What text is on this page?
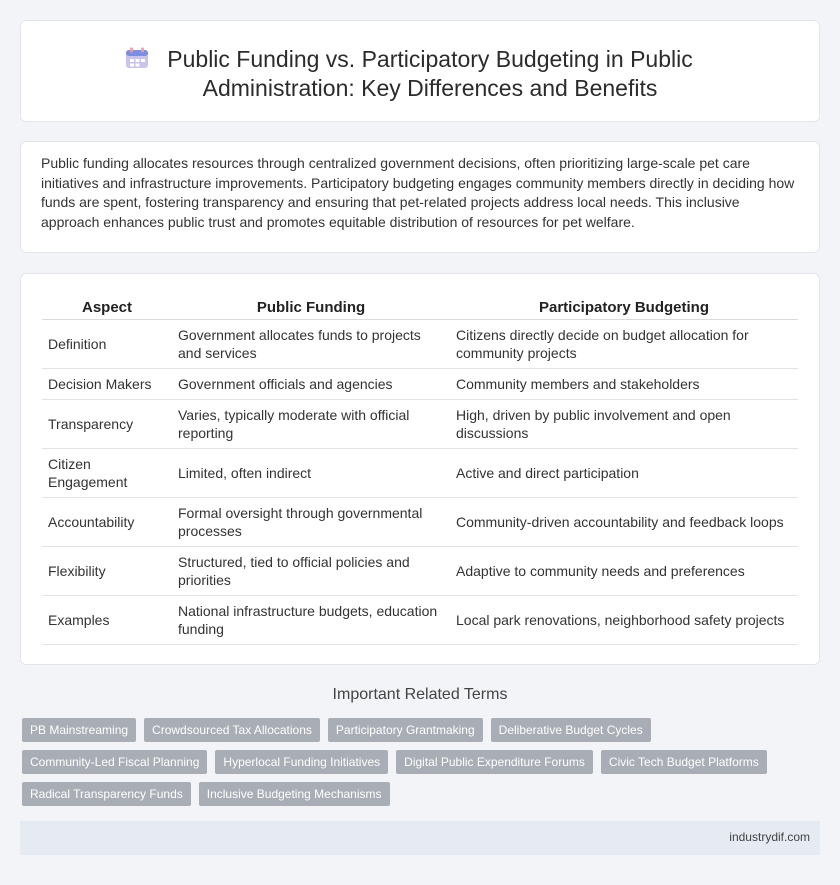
Public Funding vs. Participatory Budgeting in Public Administration: Key Differences and Benefits

Public funding allocates resources through centralized government decisions, often prioritizing large-scale pet care initiatives and infrastructure improvements. Participatory budgeting engages community members directly in deciding how funds are spent, fostering transparency and ensuring that pet-related projects address local needs. This inclusive approach enhances public trust and promotes equitable distribution of resources for pet welfare.

Aspect	Public Funding	Participatory Budgeting
Definition	Government allocates funds to projects and services	Citizens directly decide on budget allocation for community projects
Decision Makers	Government officials and agencies	Community members and stakeholders
Transparency	Varies, typically moderate with official reporting	High, driven by public involvement and open discussions
Citizen Engagement	Limited, often indirect	Active and direct participation
Accountability	Formal oversight through governmental processes	Community-driven accountability and feedback loops
Flexibility	Structured, tied to official policies and priorities	Adaptive to community needs and preferences
Examples	National infrastructure budgets, education funding	Local park renovations, neighborhood safety projects
Important Related Terms
PB Mainstreaming	Crowdsourced Tax Allocations	Participatory Grantmaking	Deliberative Budget Cycles
Community-Led Fiscal Planning	Hyperlocal Funding Initiatives	Digital Public Expenditure Forums	Civic Tech Budget Platforms
Radical Transparency Funds	Inclusive Budgeting Mechanisms
industrydif.com
